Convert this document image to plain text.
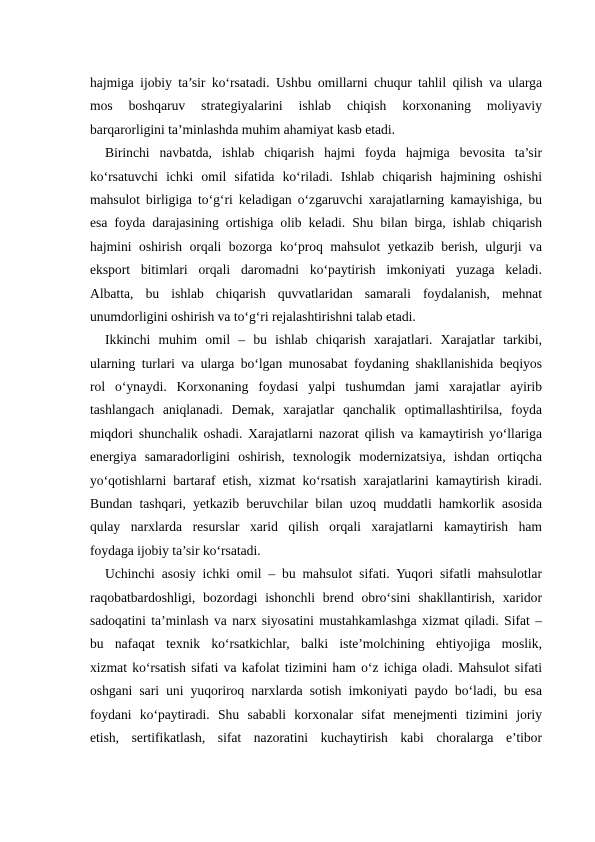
hajmiga ijobiy ta’sir ko‘rsatadi. Ushbu omillarni chuqur tahlil qilish va ularga
mos boshqaruv strategiyalarini ishlab chiqish korxonaning moliyaviy
barqarorligini ta’minlashda muhim ahamiyat kasb etadi.
Birinchi navbatda, ishlab chiqarish hajmi foyda hajmiga bevosita ta’sir
ko‘rsatuvchi ichki omil sifatida ko‘riladi. Ishlab chiqarish hajmining oshishi
mahsulot birligiga to‘g‘ri keladigan o‘zgaruvchi xarajatlarning kamayishiga, bu
esa foyda darajasining ortishiga olib keladi. Shu bilan birga, ishlab chiqarish
hajmini oshirish orqali bozorga ko‘proq mahsulot yetkazib berish, ulgurji va
eksport bitimlari orqali daromadni ko‘paytirish imkoniyati yuzaga keladi.
Albatta, bu ishlab chiqarish quvvatlaridan samarali foydalanish, mehnat
unumdorligini oshirish va to‘g‘ri rejalashtirishni talab etadi.
Ikkinchi muhim omil – bu ishlab chiqarish xarajatlari. Xarajatlar tarkibi,
ularning turlari va ularga bo‘lgan munosabat foydaning shakllanishida beqiyos
rol o‘ynaydi. Korxonaning foydasi yalpi tushumdan jami xarajatlar ayirib
tashlangach aniqlanadi. Demak, xarajatlar qanchalik optimallashtirilsa, foyda
miqdori shunchalik oshadi. Xarajatlarni nazorat qilish va kamaytirish yo‘llariga
energiya samaradorligini oshirish, texnologik modernizatsiya, ishdan ortiqcha
yo‘qotishlarni bartaraf etish, xizmat ko‘rsatish xarajatlarini kamaytirish kiradi.
Bundan tashqari, yetkazib beruvchilar bilan uzoq muddatli hamkorlik asosida
qulay narxlarda resurslar xarid qilish orqali xarajatlarni kamaytirish ham
foydaga ijobiy ta’sir ko‘rsatadi.
Uchinchi asosiy ichki omil – bu mahsulot sifati. Yuqori sifatli mahsulotlar
raqobatbardoshligi, bozordagi ishonchli brend obro‘sini shakllantirish, xaridor
sadoqatini ta’minlash va narx siyosatini mustahkamlashga xizmat qiladi. Sifat –
bu nafaqat texnik ko‘rsatkichlar, balki iste’molchining ehtiyojiga moslik,
xizmat ko‘rsatish sifati va kafolat tizimini ham o‘z ichiga oladi. Mahsulot sifati
oshgani sari uni yuqoriroq narxlarda sotish imkoniyati paydo bo‘ladi, bu esa
foydani ko‘paytiradi. Shu sababli korxonalar sifat menejmenti tizimini joriy
etish, sertifikatlash, sifat nazoratini kuchaytirish kabi choralarga e’tibor
